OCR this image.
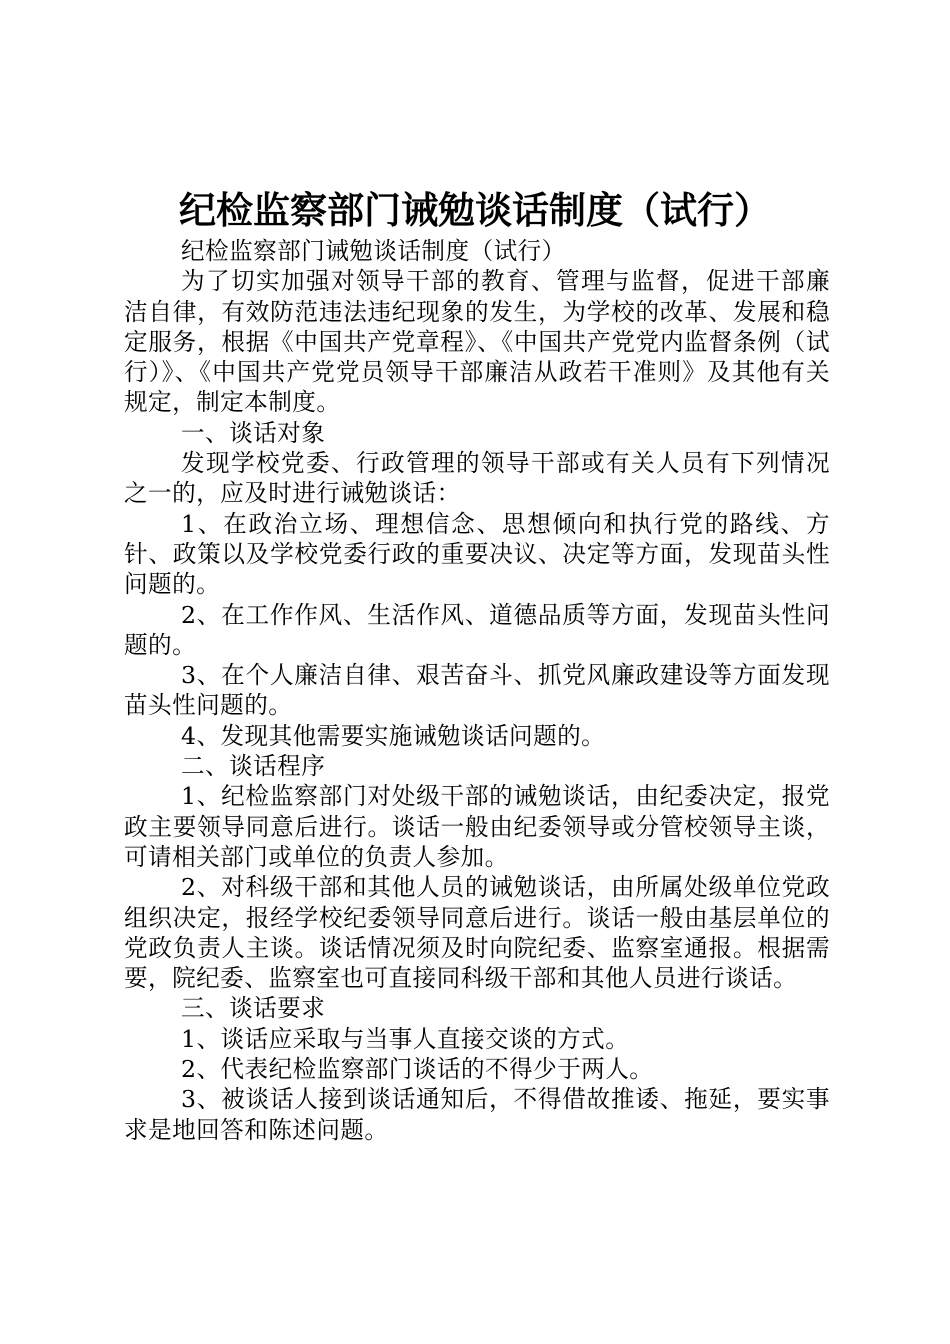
纪检监察部门诫勉谈话制度（试行）

纪检监察部门诫勉谈话制度（试行）

为了切实加强对领导干部的教育、管理与监督，促进干部廉洁自律，有效防范违法违纪现象的发生，为学校的改革、发展和稳定服务，根据《中国共产党章程》、《中国共产党党内监督条例（试行）》、《中国共产党党员领导干部廉洁从政若干准则》及其他有关规定，制定本制度。

一、谈话对象

发现学校党委、行政管理的领导干部或有关人员有下列情况之一的，应及时进行诫勉谈话：

1、在政治立场、理想信念、思想倾向和执行党的路线、方针、政策以及学校党委行政的重要决议、决定等方面，发现苗头性问题的。

2、在工作作风、生活作风、道德品质等方面，发现苗头性问题的。

3、在个人廉洁自律、艰苦奋斗、抓党风廉政建设等方面发现苗头性问题的。

4、发现其他需要实施诫勉谈话问题的。

二、谈话程序

1、纪检监察部门对处级干部的诫勉谈话，由纪委决定，报党政主要领导同意后进行。谈话一般由纪委领导或分管校领导主谈，可请相关部门或单位的负责人参加。

2、对科级干部和其他人员的诫勉谈话，由所属处级单位党政组织决定，报经学校纪委领导同意后进行。谈话一般由基层单位的党政负责人主谈。谈话情况须及时向院纪委、监察室通报。根据需要，院纪委、监察室也可直接同科级干部和其他人员进行谈话。

三、谈话要求

1、谈话应采取与当事人直接交谈的方式。

2、代表纪检监察部门谈话的不得少于两人。

3、被谈话人接到谈话通知后，不得借故推诿、拖延，要实事求是地回答和陈述问题。
